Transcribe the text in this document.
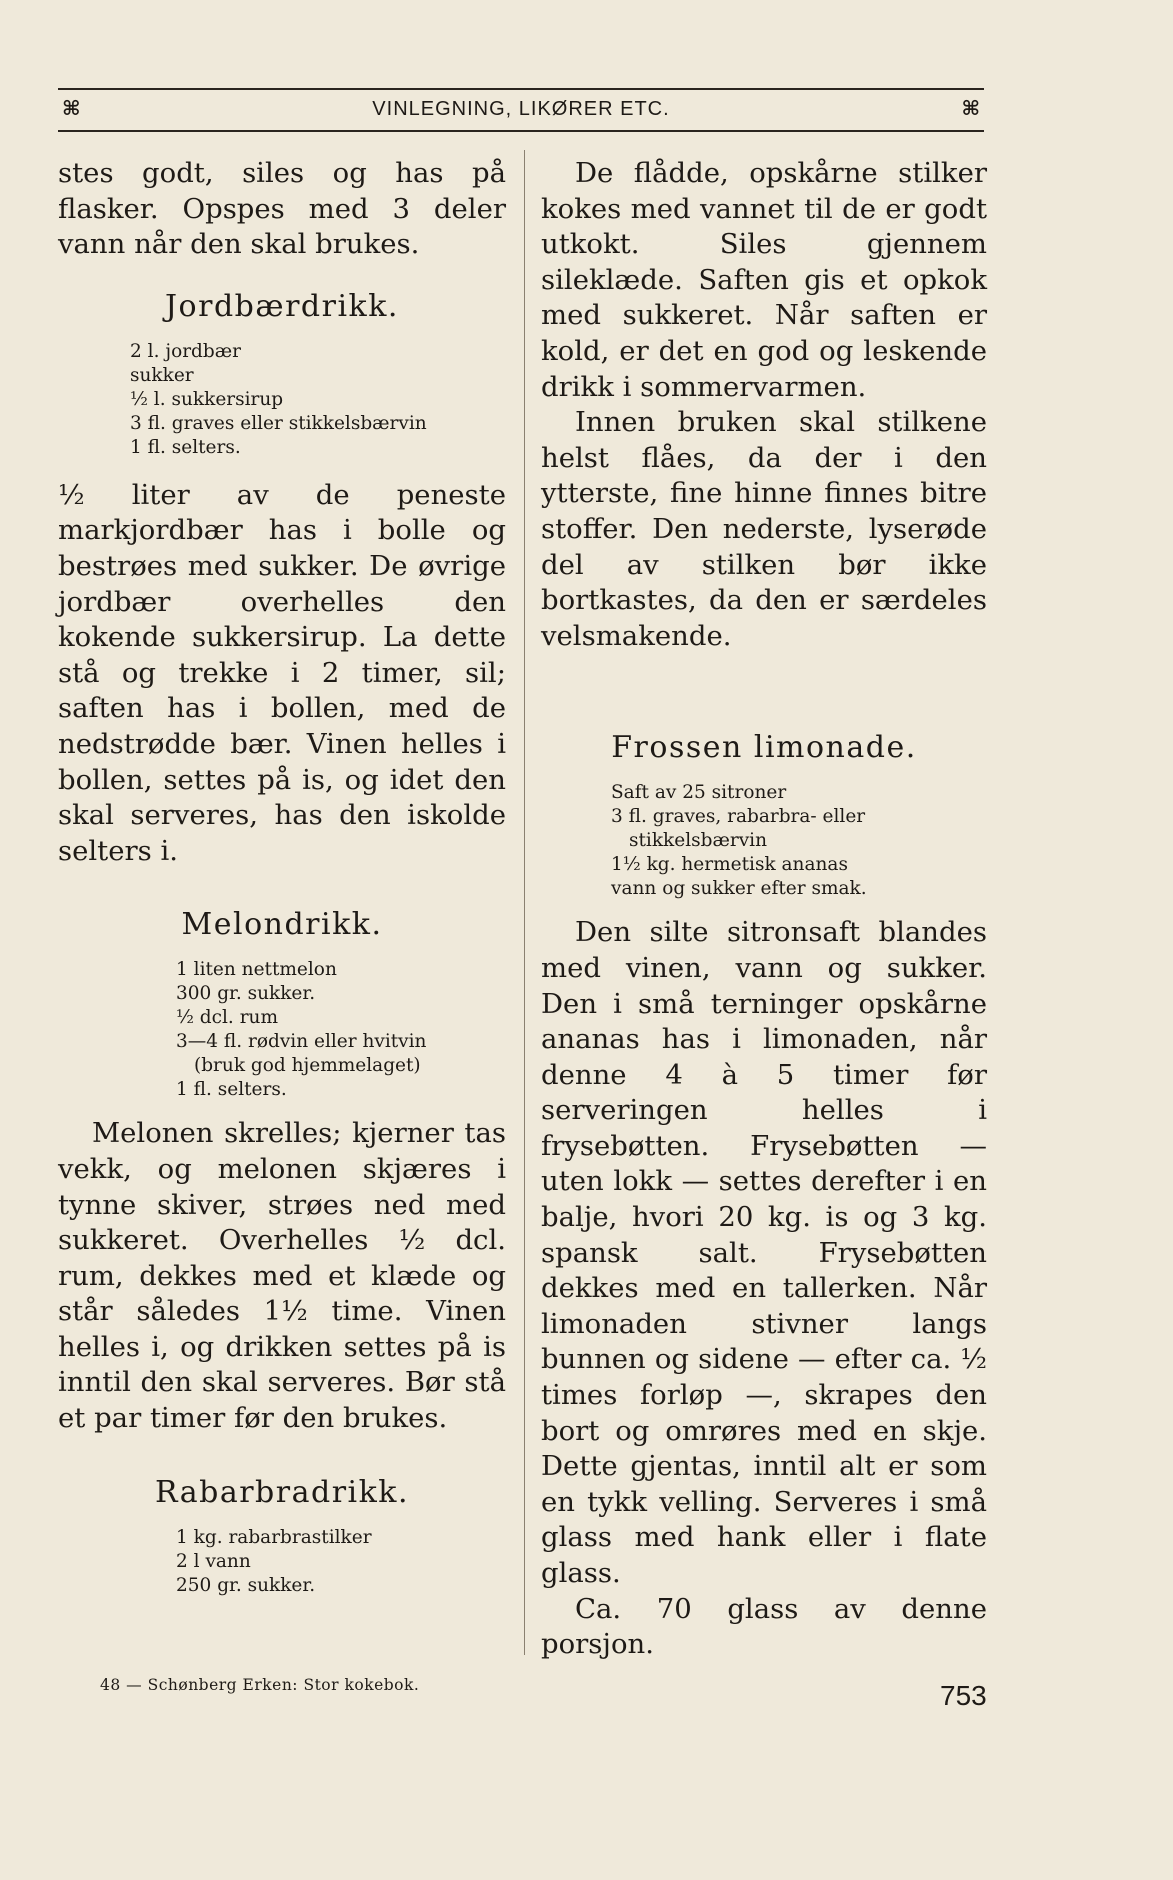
⌘	VINLEGNING, LIKØRER ETC.	⌘

stes godt, siles og has på flasker. Opspes med 3 deler vann når den skal brukes.

Jordbærdrikk.
2 l. jordbær
sukker
½ l. sukkersirup
3 fl. graves eller stikkelsbærvin
1 fl. selters.

½ liter av de peneste markjordbær has i bolle og bestrøes med sukker. De øvrige jordbær overhelles den kokende sukkersirup. La dette stå og trekke i 2 timer, sil; saften has i bollen, med de nedstrødde bær. Vinen helles i bollen, settes på is, og idet den skal serveres, has den iskolde selters i.

Melondrikk.
1 liten nettmelon
300 gr. sukker.
½ dcl. rum
3—4 fl. rødvin eller hvitvin
(bruk god hjemmelaget)
1 fl. selters.

Melonen skrelles; kjerner tas vekk, og melonen skjæres i tynne skiver, strøes ned med sukkeret. Overhelles ½ dcl. rum, dekkes med et klæde og står således 1½ time. Vinen helles i, og drikken settes på is inntil den skal serveres. Bør stå et par timer før den brukes.

Rabarbradrikk.
1 kg. rabarbrastilker
2 l vann
250 gr. sukker.

De flådde, opskårne stilker kokes med vannet til de er godt utkokt. Siles gjennem sileklæde. Saften gis et opkok med sukkeret. Når saften er kold, er det en god og leskende drikk i sommervarmen.

Innen bruken skal stilkene helst flåes, da der i den ytterste, fine hinne finnes bitre stoffer. Den nederste, lyserøde del av stilken bør ikke bortkastes, da den er særdeles velsmakende.

Frossen limonade.
Saft av 25 sitroner
3 fl. graves, rabarbra- eller
stikkelsbærvin
1½ kg. hermetisk ananas
vann og sukker efter smak.

Den silte sitronsaft blandes med vinen, vann og sukker. Den i små terninger opskårne ananas has i limonaden, når denne 4 à 5 timer før serveringen helles i frysebøtten. Frysebøtten — uten lokk — settes derefter i en balje, hvori 20 kg. is og 3 kg. spansk salt. Frysebøtten dekkes med en tallerken. Når limonaden stivner langs bunnen og sidene — efter ca. ½ times forløp —, skrapes den bort og omrøres med en skje. Dette gjentas, inntil alt er som en tykk velling. Serveres i små glass med hank eller i flate glass.

Ca. 70 glass av denne porsjon.

48 — Schønberg Erken: Stor kokebok.	753
